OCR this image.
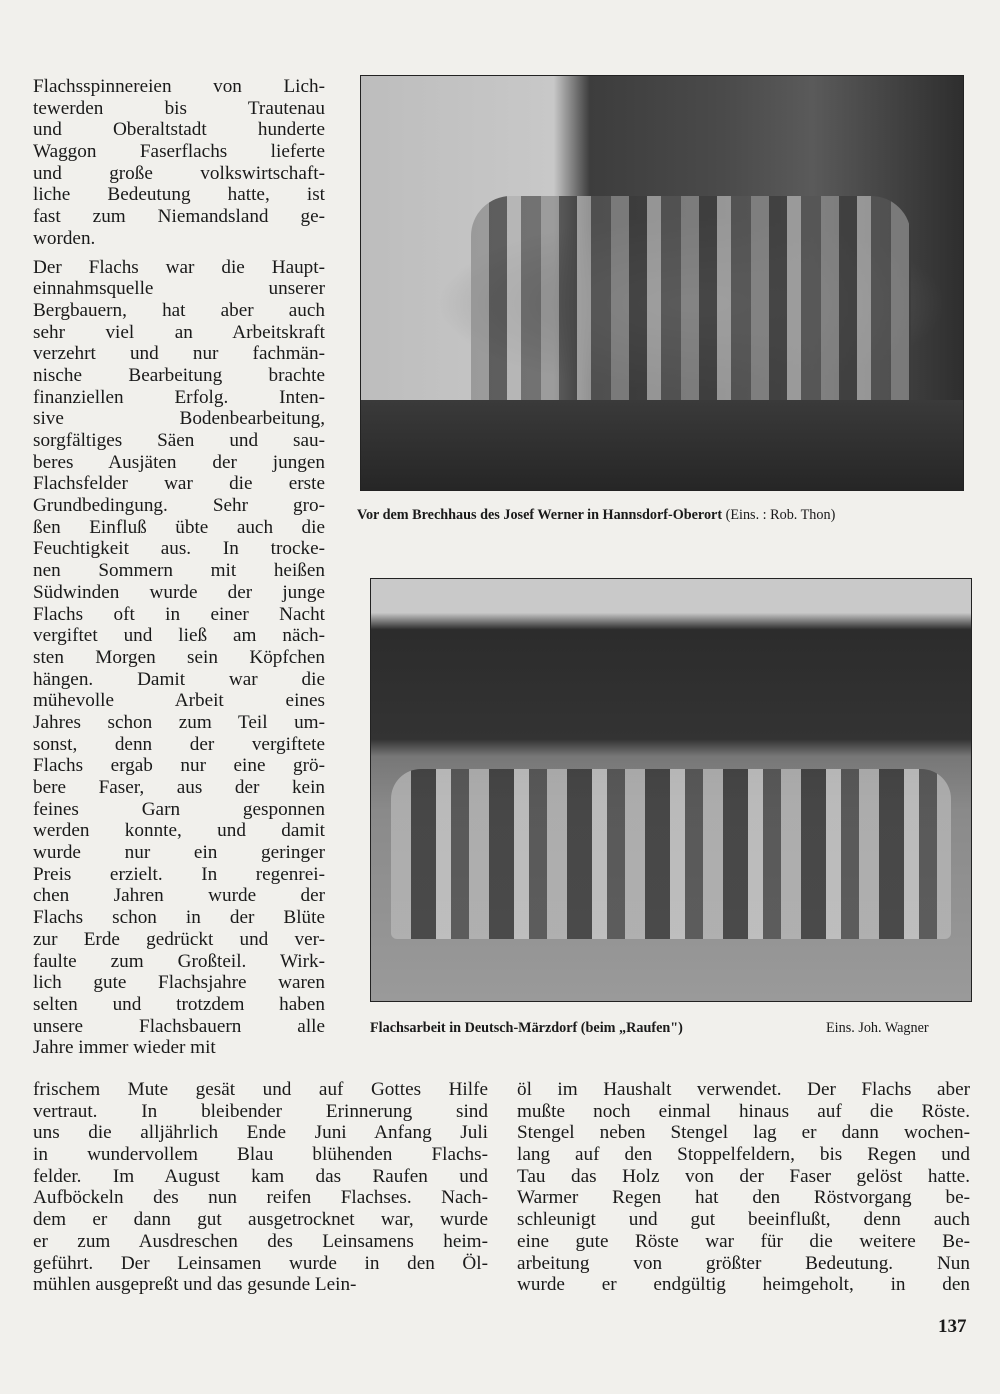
Flachsspinnereien von Lich-
tewerden bis Trautenau
und Oberaltstadt hunderte
Waggon Faserflachs lieferte
und große volkswirtschaft-
liche Bedeutung hatte, ist
fast zum Niemandsland ge-
worden.
Der Flachs war die Haupt-
einnahmsquelle unserer
Bergbauern, hat aber auch
sehr viel an Arbeitskraft
verzehrt und nur fachmän-
nische Bearbeitung brachte
finanziellen Erfolg. Inten-
sive Bodenbearbeitung,
sorgfältiges Säen und sau-
beres Ausjäten der jungen
Flachsfelder war die erste
Grundbedingung. Sehr gro-
ßen Einfluß übte auch die
Feuchtigkeit aus. In trocke-
nen Sommern mit heißen
Südwinden wurde der junge
Flachs oft in einer Nacht
vergiftet und ließ am näch-
sten Morgen sein Köpfchen
hängen. Damit war die
mühevolle Arbeit eines
Jahres schon zum Teil um-
sonst, denn der vergiftete
Flachs ergab nur eine grö-
bere Faser, aus der kein
feines Garn gesponnen
werden konnte, und damit
wurde nur ein geringer
Preis erzielt. In regenrei-
chen Jahren wurde der
Flachs schon in der Blüte
zur Erde gedrückt und ver-
faulte zum Großteil. Wirk-
lich gute Flachsjahre waren
selten und trotzdem haben
unsere Flachsbauern alle
Jahre immer wieder mit
frischem Mute gesät und auf Gottes Hilfe
vertraut. In bleibender Erinnerung sind
uns die alljährlich Ende Juni Anfang Juli
in wundervollem Blau blühenden Flachs-
felder. Im August kam das Raufen und
Aufböckeln des nun reifen Flachses. Nach-
dem er dann gut ausgetrocknet war, wurde
er zum Ausdreschen des Leinsamens heim-
geführt. Der Leinsamen wurde in den Öl-
mühlen ausgepreßt und das gesunde Lein-
öl im Haushalt verwendet. Der Flachs aber
mußte noch einmal hinaus auf die Röste.
Stengel neben Stengel lag er dann wochen-
lang auf den Stoppelfeldern, bis Regen und
Tau das Holz von der Faser gelöst hatte.
Warmer Regen hat den Röstvorgang be-
schleunigt und gut beeinflußt, denn auch
eine gute Röste war für die weitere Be-
arbeitung von größter Bedeutung. Nun
wurde er endgültig heimgeholt, in den
Vor dem Brechhaus des Josef Werner in Hannsdorf-Oberort (Eins. : Rob. Thon)
Flachsarbeit in Deutsch-Märzdorf (beim „Raufen")	Eins. Joh. Wagner
137
